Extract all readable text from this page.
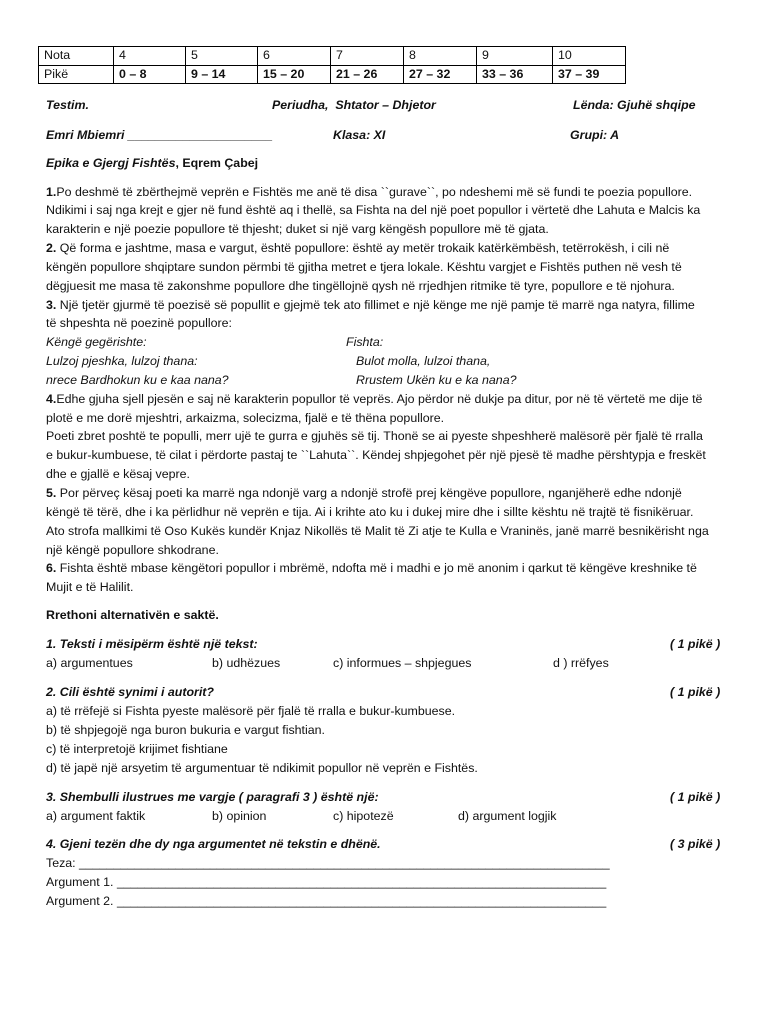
Nota	4	5	6	7	8	9	10
Pikë	0 – 8	9 – 14	15 – 20	21 – 26	27 – 32	33 – 36	37 – 39
Testim.	Periudha,  Shtator – Dhjetor	Lënda: Gjuhë shqipe
Emri Mbiemri _____________________	Klasa: XI	Grupi: A
Epika e Gjergj Fishtës, Eqrem Çabej
1.Po deshmë të zbërthejmë veprën e Fishtës me anë të disa ``gurave``, po ndeshemi më së fundi te poezia popullore.
Ndikimi i saj nga krejt e gjer në fund është aq i thellë, sa Fishta na del një poet popullor i vërtetë dhe Lahuta e Malcis ka
karakterin e një poezie popullore të thjesht; duket si një varg këngësh popullore më të gjata.
2. Që forma e jashtme, masa e vargut, është popullore: është ay metër trokaik katërkëmbësh, tetërrokësh, i cili në
këngën popullore shqiptare sundon përmbi të gjitha metret e tjera lokale. Kështu vargjet e Fishtës puthen në vesh të
dëgjuesit me masa të zakonshme popullore dhe tingëllojnë qysh në rrjedhjen ritmike të tyre, popullore e të njohura.
3. Një tjetër gjurmë të poezisë së popullit e gjejmë tek ato fillimet e një kënge me një pamje të marrë nga natyra, fillime
të shpeshta në poezinë popullore:
Këngë gegërishte:	Fishta:
Lulzoj pjeshka, lulzoj thana:	Bulot molla, lulzoi thana,
nrece Bardhokun ku e kaa nana?	Rrustem Ukën ku e ka nana?
4.Edhe gjuha sjell pjesën e saj në karakterin popullor të veprës. Ajo përdor në dukje pa ditur, por në të vërtetë me dije të
plotë e me dorë mjeshtri, arkaizma, solecizma, fjalë e të thëna popullore.
Poeti zbret poshtë te populli, merr ujë te gurra e gjuhës së tij. Thonë se ai pyeste shpeshherë malësorë për fjalë të rralla
e bukur-kumbuese, të cilat i përdorte pastaj te ``Lahuta``. Këndej shpjegohet për një pjesë të madhe përshtypja e freskët
dhe e gjallë e kësaj vepre.
5. Por përveç kësaj poeti ka marrë nga ndonjë varg a ndonjë strofë prej këngëve popullore, nganjëherë edhe ndonjë
këngë të tërë, dhe i ka përlidhur në veprën e tija. Ai i krihte ato ku i dukej mire dhe i sillte kështu në trajtë të fisnikëruar.
Ato strofa mallkimi të Oso Kukës kundër Knjaz Nikollës të Malit të Zi atje te Kulla e Vraninës, janë marrë besnikërisht nga
një këngë popullore shkodrane.
6. Fishta është mbase këngëtori popullor i mbrëmë, ndofta më i madhi e jo më anonim i qarkut të këngëve kreshnike të
Mujit e të Halilit.
Rrethoni alternativën e saktë.
1. Teksti i mësipërm është një tekst:	( 1 pikë )
a) argumentues	b) udhëzues	c) informues – shpjegues	d ) rrëfyes
2. Cili është synimi i autorit?	( 1 pikë )
a) të rrëfejë si Fishta pyeste malësorë për fjalë të rralla e bukur-kumbuese.
b) të shpjegojë nga buron bukuria e vargut fishtian.
c) të interpretojë krijimet fishtiane
d) të japë një arsyetim të argumentuar të ndikimit popullor në veprën e Fishtës.
3. Shembulli ilustrues me vargje ( paragrafi 3 ) është një:	( 1 pikë )
a) argument faktik	b) opinion	c) hipotezë	d) argument logjik
4. Gjeni tezën dhe dy nga argumentet në tekstin e dhënë.	( 3 pikë )
Teza: _____________________________________________________________________________
Argument 1. _______________________________________________________________________
Argument 2. _______________________________________________________________________
